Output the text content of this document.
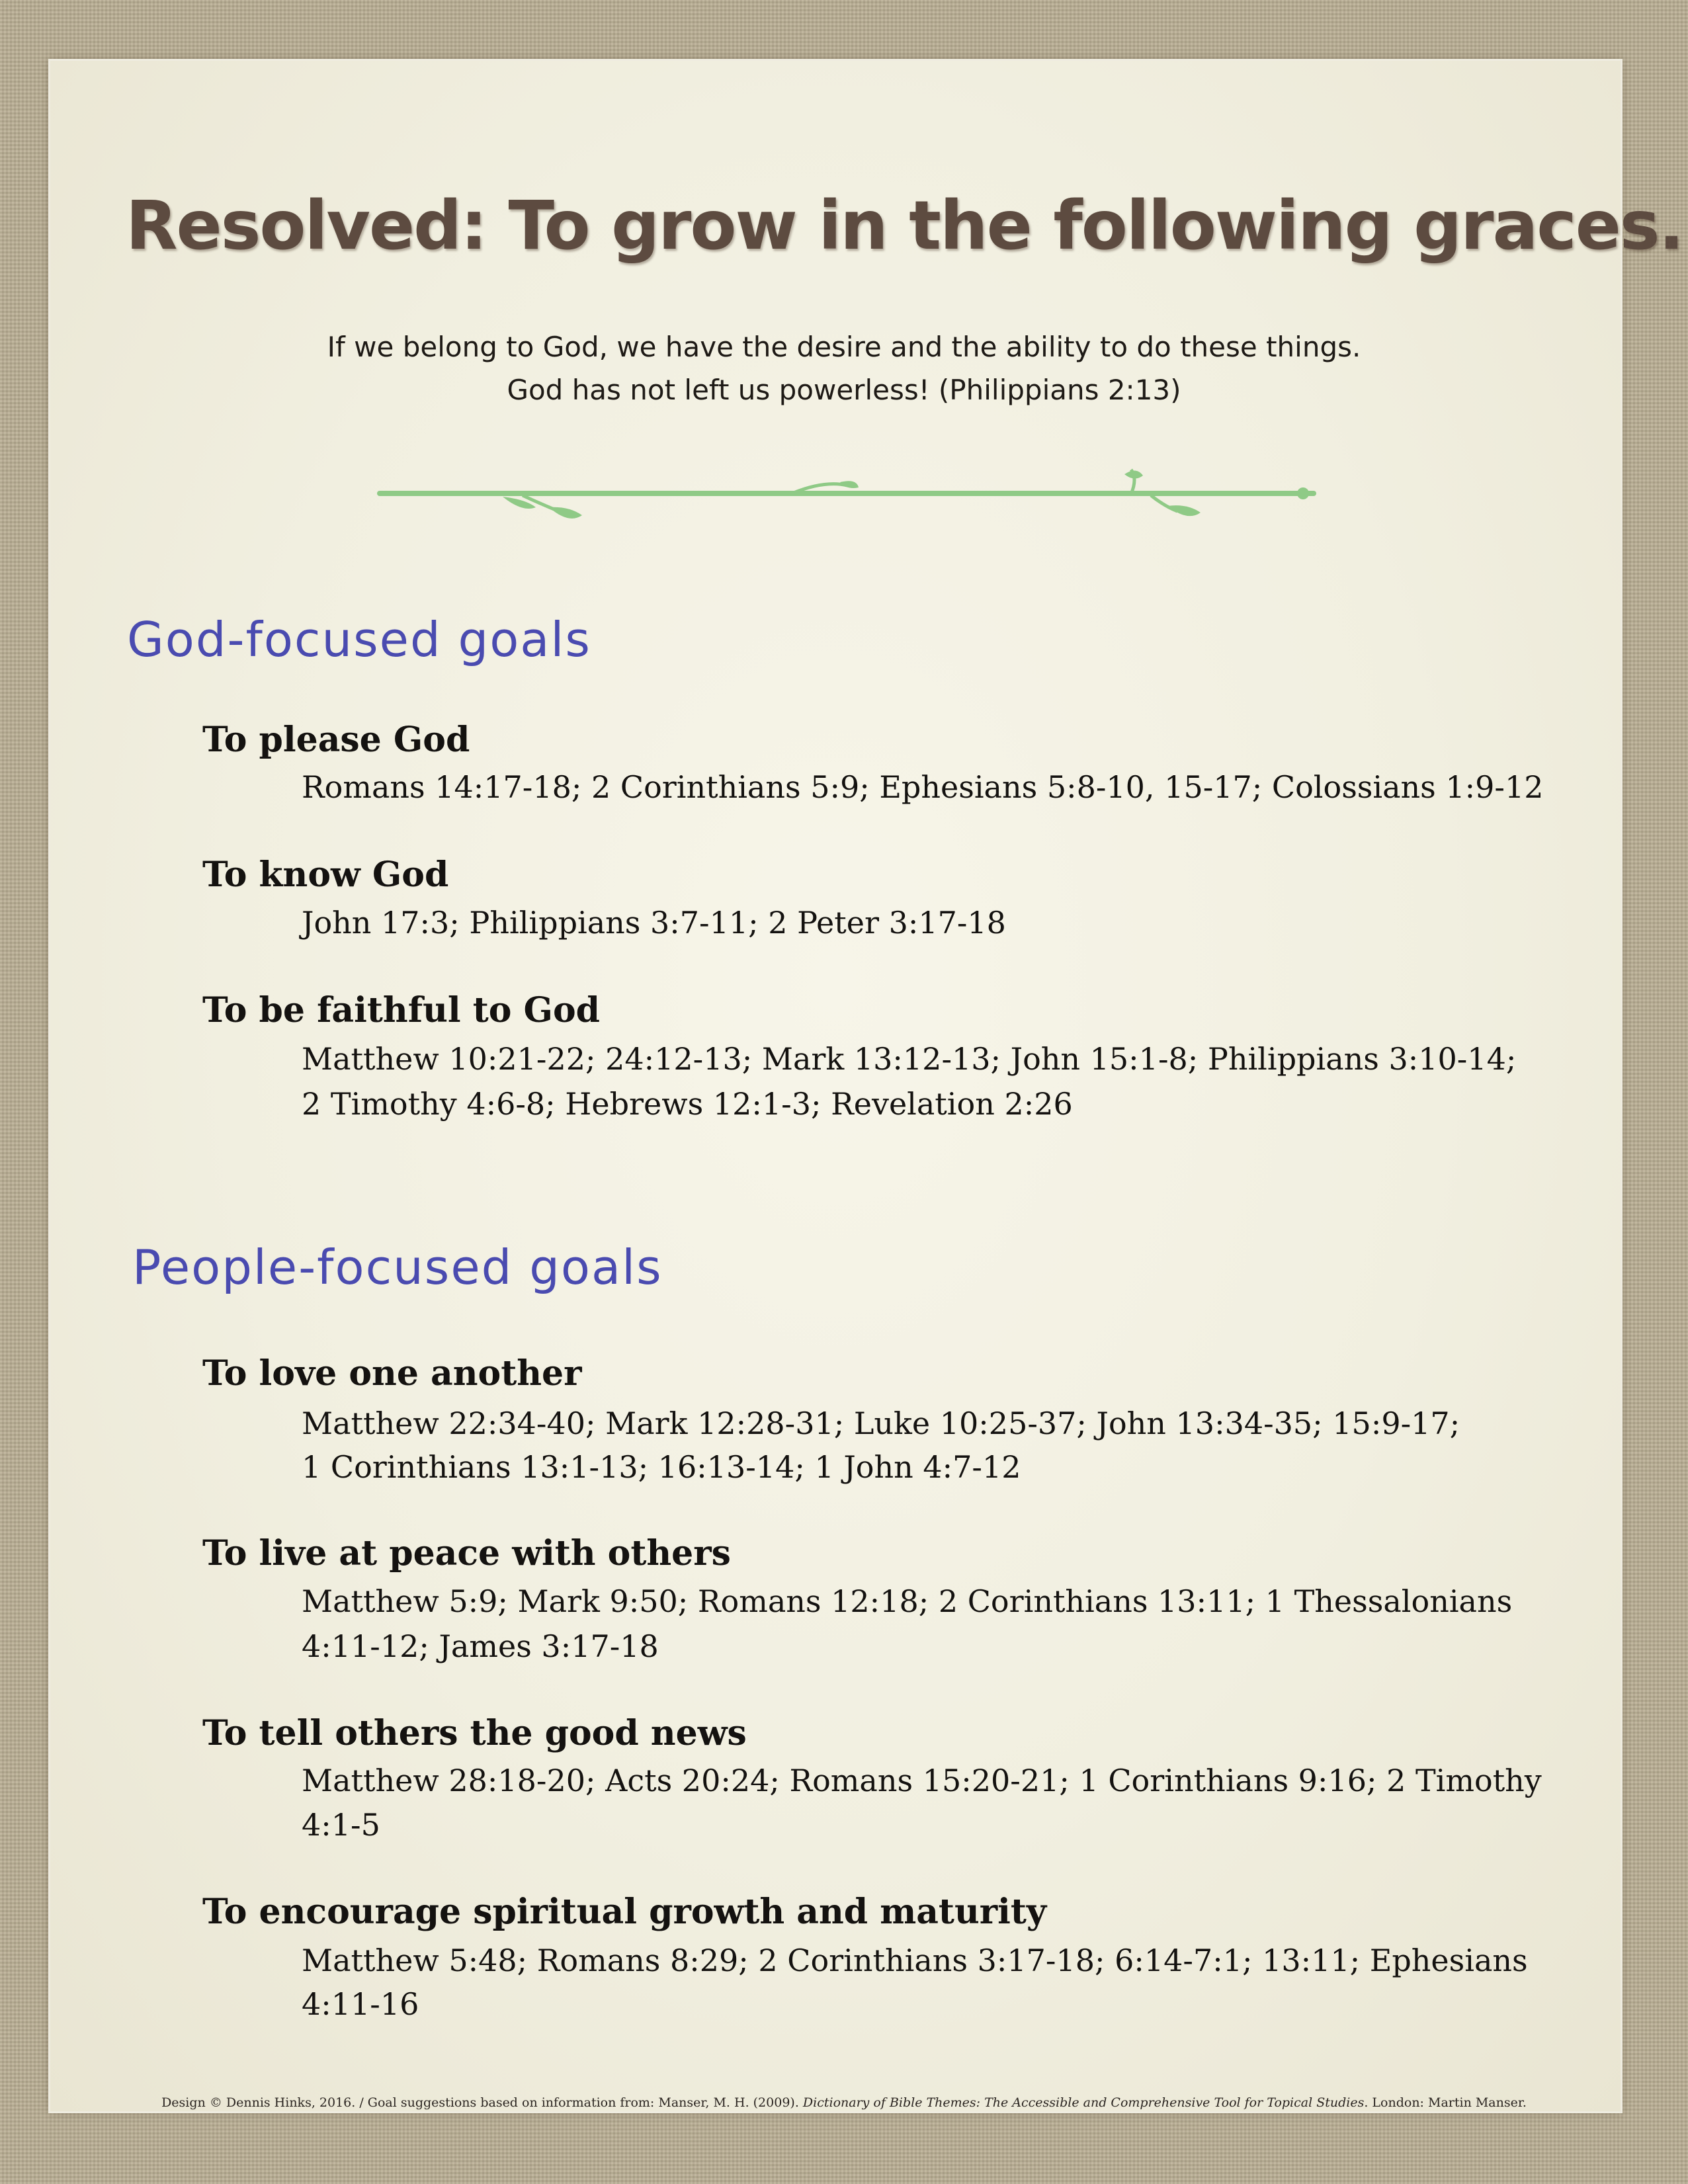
Resolved: To grow in the following graces.
If we belong to God, we have the desire and the ability to do these things.
God has not left us powerless! (Philippians 2:13)
God-focused goals
To please God

Romans 14:17-18; 2 Corinthians 5:9; Ephesians 5:8-10, 15-17; Colossians 1:9-12

To know God

John 17:3; Philippians 3:7-11; 2 Peter 3:17-18

To be faithful to God

Matthew 10:21-22; 24:12-13; Mark 13:12-13; John 15:1-8; Philippians 3:10-14;

2 Timothy 4:6-8; Hebrews 12:1-3; Revelation 2:26

People-focused goals
To love one another

Matthew 22:34-40; Mark 12:28-31; Luke 10:25-37; John 13:34-35; 15:9-17;

1 Corinthians 13:1-13; 16:13-14; 1 John 4:7-12

To live at peace with others

Matthew 5:9; Mark 9:50; Romans 12:18; 2 Corinthians 13:11; 1 Thessalonians

4:11-12; James 3:17-18

To tell others the good news

Matthew 28:18-20; Acts 20:24; Romans 15:20-21; 1 Corinthians 9:16; 2 Timothy

4:1-5

To encourage spiritual growth and maturity

Matthew 5:48; Romans 8:29; 2 Corinthians 3:17-18; 6:14-7:1; 13:11; Ephesians

4:11-16

Design © Dennis Hinks, 2016. / Goal suggestions based on information from: Manser, M. H. (2009). Dictionary of Bible Themes: The Accessible and Comprehensive Tool for Topical Studies. London: Martin Manser.
